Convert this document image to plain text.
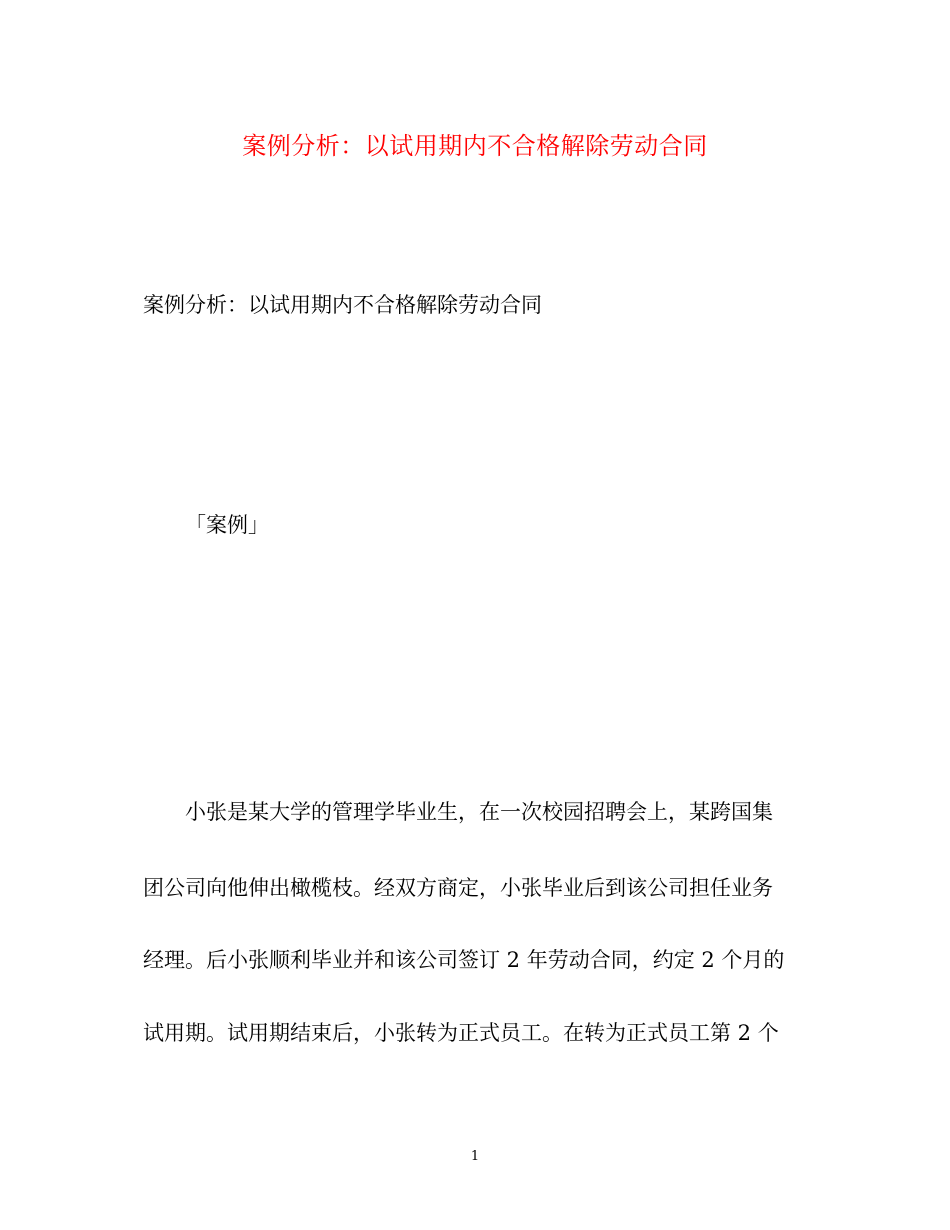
案例分析：以试用期内不合格解除劳动合同
案例分析：以试用期内不合格解除劳动合同
「案例」
小张是某大学的管理学毕业生，在一次校园招聘会上，某跨国集
团公司向他伸出橄榄枝。经双方商定，小张毕业后到该公司担任业务
经理。后小张顺利毕业并和该公司签订 2 年劳动合同，约定 2 个月的
试用期。试用期结束后，小张转为正式员工。在转为正式员工第 2 个
1
